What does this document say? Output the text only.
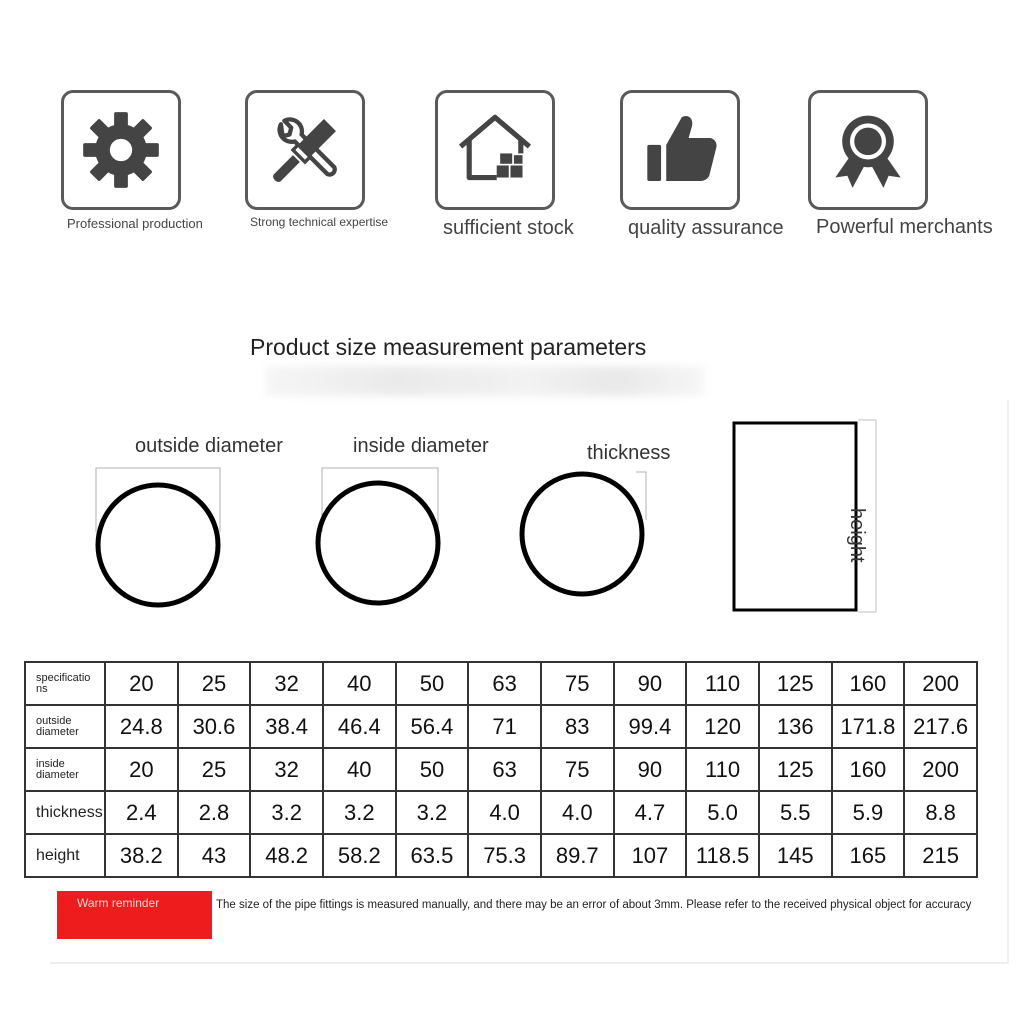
Professional production	Strong technical expertise	sufficient stock	quality assurance Powerful merchants
Product size measurement parameters
outside diameter	inside diameter	thickness
height
specificatio ns	20	25	32	40	50	63	75	90	110	125	160	200
outside diameter	24.8	30.6	38.4	46.4	56.4	71	83	99.4	120	136	171.8	217.6
inside diameter	20	25	32	40	50	63	75	90	110	125	160	200
thickness	2.4	2.8	3.2	3.2	3.2	4.0	4.0	4.7	5.0	5.5	5.9	8.8
height	38.2	43	48.2	58.2	63.5	75.3	89.7	107	118.5	145	165	215
Warm reminder	The size of the pipe fittings is measured manually, and there may be an error of about 3mm. Please refer to the received physical object for accuracy
